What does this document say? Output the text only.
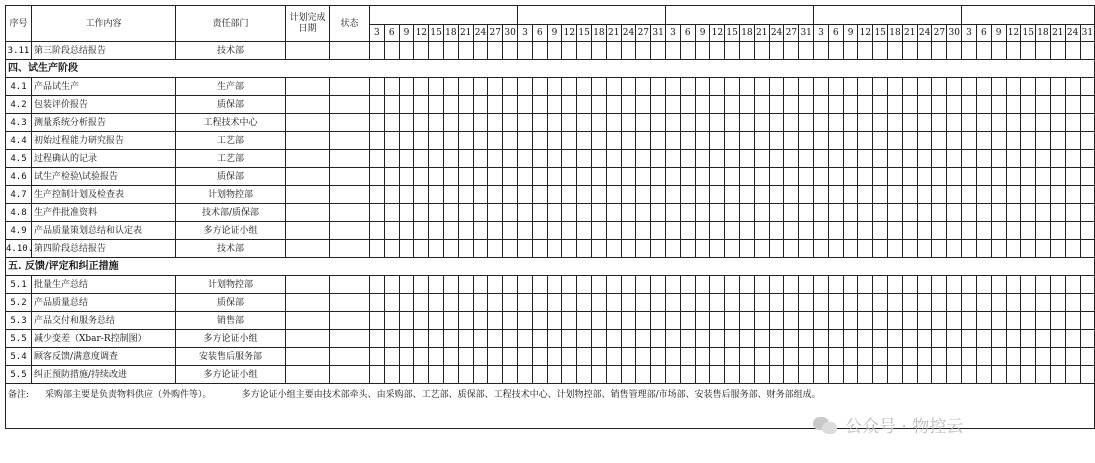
序号	工作内容	责任部门	计划完成日期	状态																																																	
					3	6	9	12	15	18	21	24	27	30	3	6	9	12	15	18	21	24	27	31	3	6	9	12	15	18	21	24	27	31	3	6	9	12	15	18	21	24	27	30	3	6	9	12	15	18	21	24	31
3.11	第三阶段总结报告	技术部																																																			
四、试生产阶段																																																					
4.1	产品试生产	生产部																																																			
4.2	包装评价报告	质保部																																																			
4.3	测量系统分析报告	工程技术中心																																																			
4.4	初始过程能力研究报告	工艺部																																																			
4.5	过程确认的记录	工艺部																																																			
4.6	试生产检验\试验报告	质保部																																																			
4.7	生产控制计划及检查表	计划物控部																																																			
4.8	生产件批准资料	技术部/质保部																																																			
4.9	产品质量策划总结和认定表	多方论证小组																																																			
4.10.	第四阶段总结报告	技术部																																																			
五. 反馈/评定和纠正措施																																																					
5.1	批量生产总结	计划物控部																																																			
5.2	产品质量总结	质保部																																																			
5.3	产品交付和服务总结	销售部																																																			
5.5	减少变差（Xbar-R控制图）	多方论证小组																																																			
5.4	顾客反馈/满意度调查	安装售后服务部																																																			
5.5	纠正预防措施/持续改进	多方论证小组																																																			
备注: 采购部主要是负责物料供应（外购件等）。 多方论证小组主要由技术部牵头、由采购部、工艺部、质保部、工程技术中心、计划物控部、销售管理部/市场部、安装售后服务部、财务部组成。																																																					
公众号 · 物控云
